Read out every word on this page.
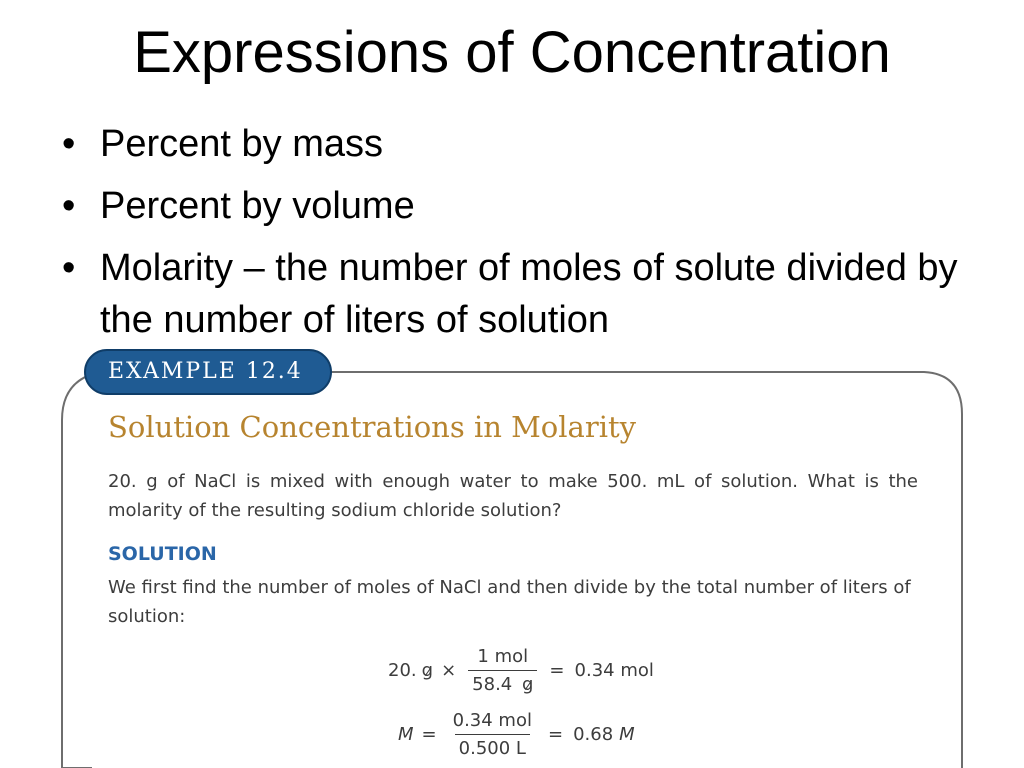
Expressions of Concentration
• Percent by mass
• Percent by volume
• Molarity – the number of moles of solute divided by the number of liters of solution
EXAMPLE 12.4
Solution Concentrations in Molarity
20. g of NaCl is mixed with enough water to make 500. mL of solution. What is the molarity of the resulting sodium chloride solution?
SOLUTION
We first find the number of moles of NaCl and then divide by the total number of liters of solution:
20. $g \times \frac{\text{1 mol}}{58.4 g} = 0.34$ mol
$M = \frac{\text{0.34 mol}}{0.500 L} = 0.68$ M
